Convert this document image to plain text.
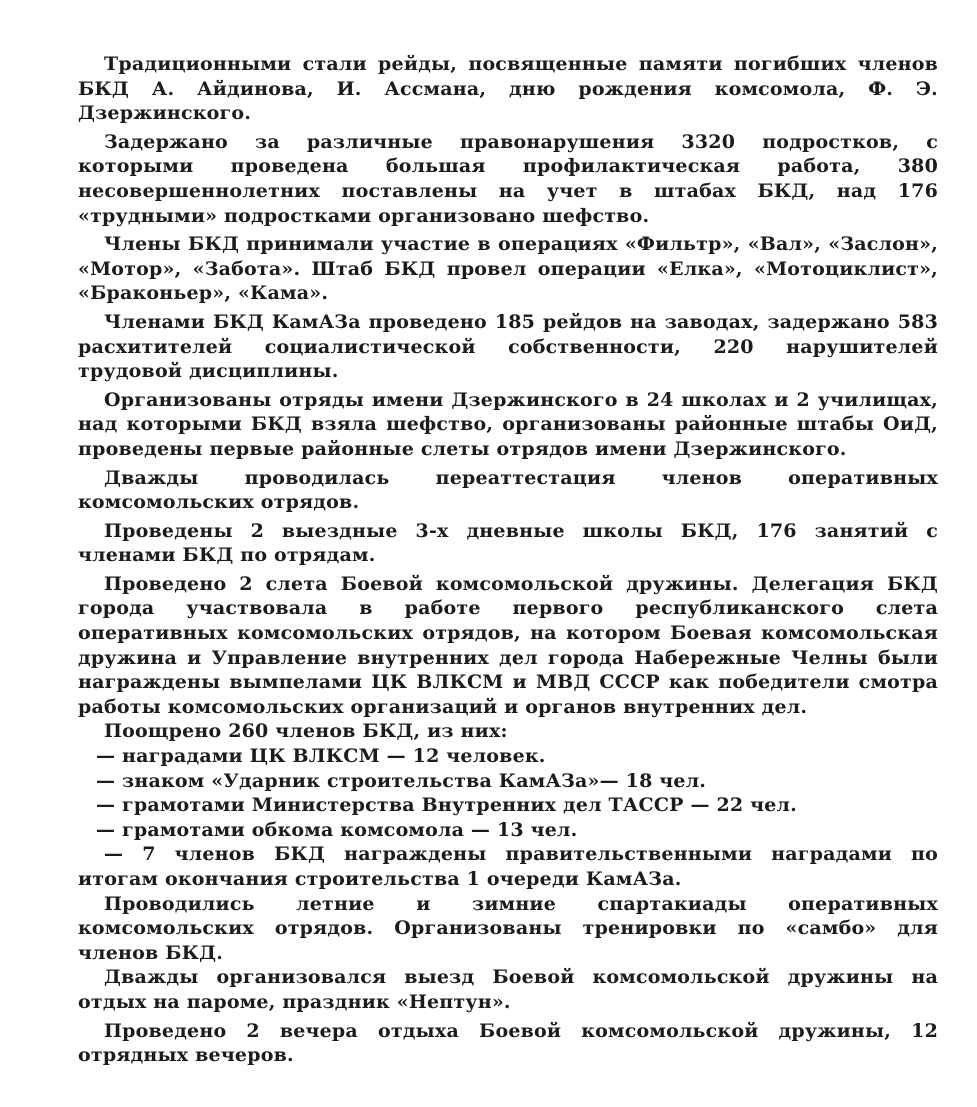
Традиционными стали рейды, посвященные памяти погибших членов БКД А. Айдинова, И. Ассмана, дню рождения комсомола, Ф. Э. Дзержинского.

Задержано за различные правонарушения 3320 подростков, с которыми проведена большая профилактическая работа, 380 несовершеннолетних поставлены на учет в штабах БКД, над 176 «трудными» подростками организовано шефство.

Члены БКД принимали участие в операциях «Фильтр», «Вал», «Заслон», «Мотор», «Забота». Штаб БКД провел операции «Елка», «Мотоциклист», «Браконьер», «Кама».

Членами БКД КамАЗа проведено 185 рейдов на заводах, задержано 583 расхитителей социалистической собственности, 220 нарушителей трудовой дисциплины.

Организованы отряды имени Дзержинского в 24 школах и 2 училищах, над которыми БКД взяла шефство, организованы районные штабы ОиД, проведены первые районные слеты отрядов имени Дзержинского.

Дважды проводилась переаттестация членов оперативных комсомольских отрядов.

Проведены 2 выездные 3-х дневные школы БКД, 176 занятий с членами БКД по отрядам.

Проведено 2 слета Боевой комсомольской дружины. Делегация БКД города участвовала в работе первого республиканского слета оперативных комсомольских отрядов, на котором Боевая комсомольская дружина и Управление внутренних дел города Набережные Челны были награждены вымпелами ЦК ВЛКСМ и МВД СССР как победители смотра работы комсомольских организаций и органов внутренних дел.

Поощрено 260 членов БКД, из них:

— наградами ЦК ВЛКСМ — 12 человек.

— знаком «Ударник строительства КамАЗа»— 18 чел.

— грамотами Министерства Внутренних дел ТАССР — 22 чел.

— грамотами обкома комсомола — 13 чел.

— 7 членов БКД награждены правительственными наградами по итогам окончания строительства 1 очереди КамАЗа.

Проводились летние и зимние спартакиады оперативных комсомольских отрядов. Организованы тренировки по «самбо» для членов БКД.

Дважды организовался выезд Боевой комсомольской дружины на отдых на пароме, праздник «Нептун».

Проведено 2 вечера отдыха Боевой комсомольской дружины, 12 отрядных вечеров.
